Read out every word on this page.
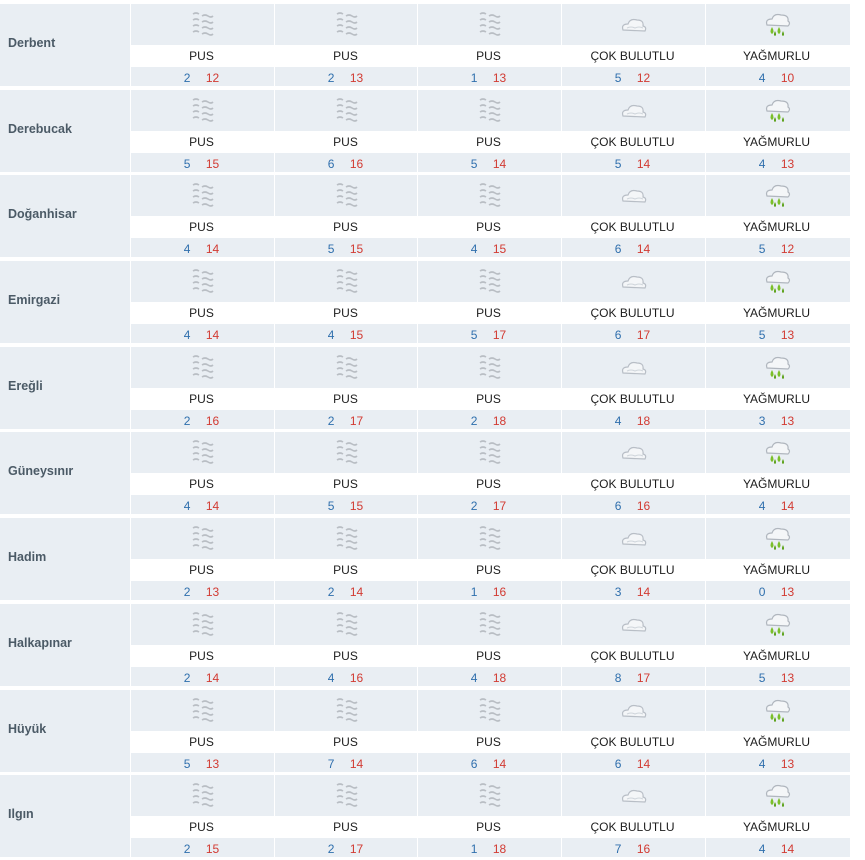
Derbent
PUS
2 12
PUS
2 13
PUS
1 13
ÇOK BULUTLU
5 12
YAĞMURLU
4 10
Derebucak
PUS
5 15
PUS
6 16
PUS
5 14
ÇOK BULUTLU
5 14
YAĞMURLU
4 13
Doğanhisar
PUS
4 14
PUS
5 15
PUS
4 15
ÇOK BULUTLU
6 14
YAĞMURLU
5 12
Emirgazi
PUS
4 14
PUS
4 15
PUS
5 17
ÇOK BULUTLU
6 17
YAĞMURLU
5 13
Ereğli
PUS
2 16
PUS
2 17
PUS
2 18
ÇOK BULUTLU
4 18
YAĞMURLU
3 13
Güneysınır
PUS
4 14
PUS
5 15
PUS
2 17
ÇOK BULUTLU
6 16
YAĞMURLU
4 14
Hadim
PUS
2 13
PUS
2 14
PUS
1 16
ÇOK BULUTLU
3 14
YAĞMURLU
0 13
Halkapınar
PUS
2 14
PUS
4 16
PUS
4 18
ÇOK BULUTLU
8 17
YAĞMURLU
5 13
Hüyük
PUS
5 13
PUS
7 14
PUS
6 14
ÇOK BULUTLU
6 14
YAĞMURLU
4 13
Ilgın
PUS
2 15
PUS
2 17
PUS
1 18
ÇOK BULUTLU
7 16
YAĞMURLU
4 14
